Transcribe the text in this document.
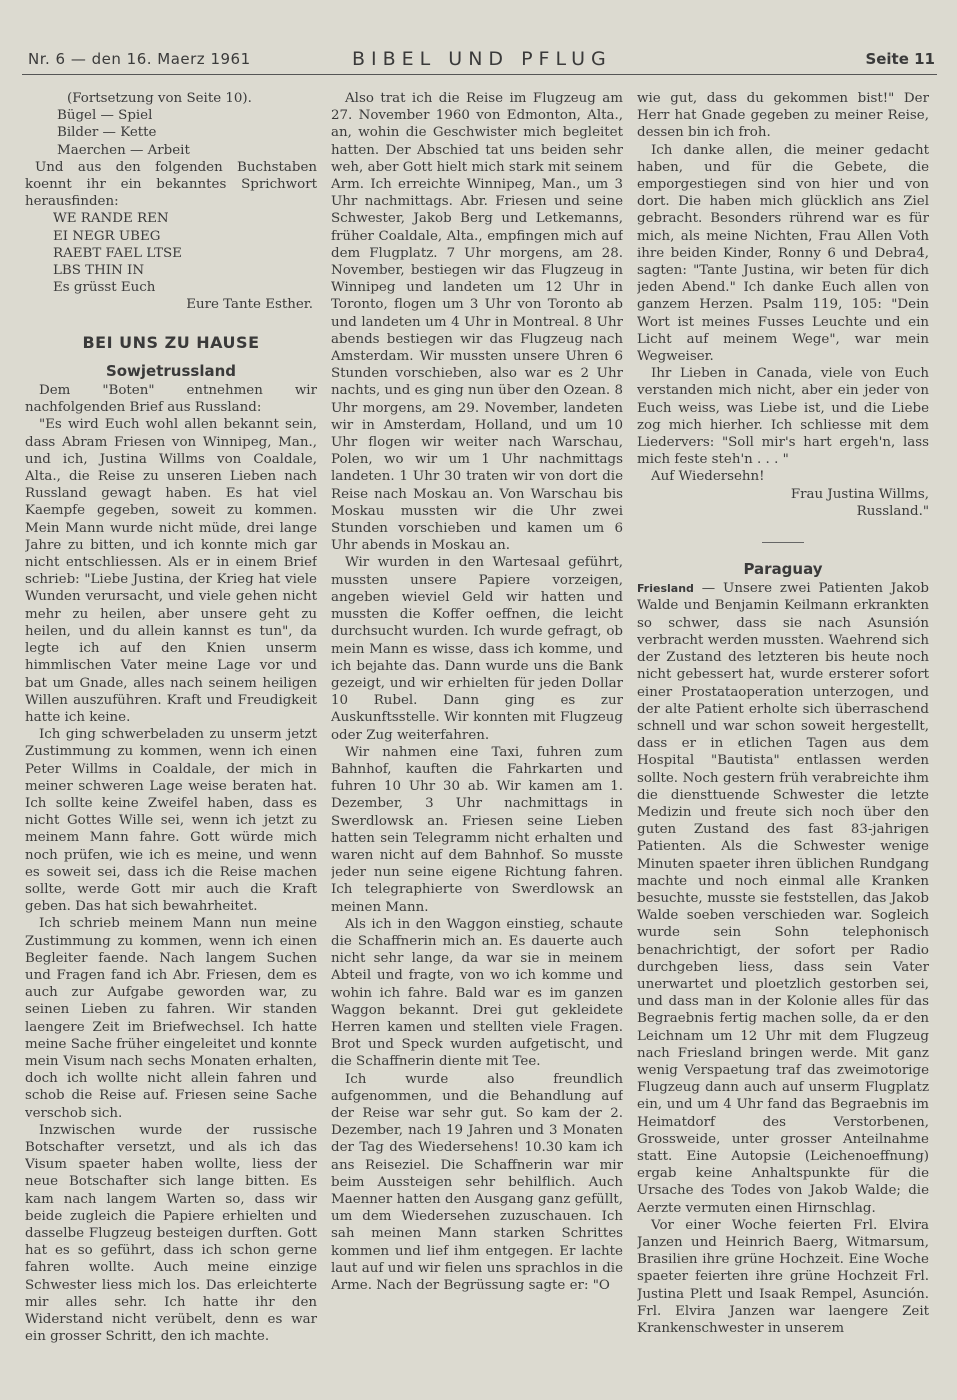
Nr. 6 — den 16. Maerz 1961	BIBEL UND PFLUG	Seite 11
(Fortsetzung von Seite 10).
Bügel — Spiel
Bilder — Kette
Maerchen — Arbeit

Und aus den folgenden Buchstaben koennt ihr ein bekanntes Sprichwort herausfinden:

WE RANDE REN
EI NEGR UBEG
RAEBT FAEL LTSE
LBS THIN IN
Es grüsst Euch
Eure Tante Esther.
BEI UNS ZU HAUSE
Sowjetrussland

Dem "Boten" entnehmen wir nachfolgenden Brief aus Russland:

"Es wird Euch wohl allen bekannt sein, dass Abram Friesen von Winnipeg, Man., und ich, Justina Willms von Coaldale, Alta., die Reise zu unseren Lieben nach Russland gewagt haben. Es hat viel Kaempfe gegeben, soweit zu kommen. Mein Mann wurde nicht müde, drei lange Jahre zu bitten, und ich konnte mich gar nicht entschliessen. Als er in einem Brief schrieb: "Liebe Justina, der Krieg hat viele Wunden verursacht, und viele gehen nicht mehr zu heilen, aber unsere geht zu heilen, und du allein kannst es tun", da legte ich auf den Knien unserm himmlischen Vater meine Lage vor und bat um Gnade, alles nach seinem heiligen Willen auszuführen. Kraft und Freudigkeit hatte ich keine.

Ich ging schwerbeladen zu unserm jetzt Zustimmung zu kommen, wenn ich einen Peter Willms in Coaldale, der mich in meiner schweren Lage weise beraten hat. Ich sollte keine Zweifel haben, dass es nicht Gottes Wille sei, wenn ich jetzt zu meinem Mann fahre. Gott würde mich noch prüfen, wie ich es meine, und wenn es soweit sei, dass ich die Reise machen sollte, werde Gott mir auch die Kraft geben. Das hat sich bewahrheitet.

Ich schrieb meinem Mann nun meine Zustimmung zu kommen, wenn ich einen Begleiter faende. Nach langem Suchen und Fragen fand ich Abr. Friesen, dem es auch zur Aufgabe geworden war, zu seinen Lieben zu fahren. Wir standen laengere Zeit im Briefwechsel. Ich hatte meine Sache früher eingeleitet und konnte mein Visum nach sechs Monaten erhalten, doch ich wollte nicht allein fahren und schob die Reise auf. Friesen seine Sache verschob sich.

Inzwischen wurde der russische Botschafter versetzt, und als ich das Visum spaeter haben wollte, liess der neue Botschafter sich lange bitten. Es kam nach langem Warten so, dass wir beide zugleich die Papiere erhielten und dasselbe Flugzeug besteigen durften. Gott hat es so geführt, dass ich schon gerne fahren wollte. Auch meine einzige Schwester liess mich los. Das erleichterte mir alles sehr. Ich hatte ihr den Widerstand nicht verübelt, denn es war ein grosser Schritt, den ich machte.

Also trat ich die Reise im Flugzeug am 27. November 1960 von Edmonton, Alta., an, wohin die Geschwister mich begleitet hatten. Der Abschied tat uns beiden sehr weh, aber Gott hielt mich stark mit seinem Arm. Ich erreichte Winnipeg, Man., um 3 Uhr nachmittags. Abr. Friesen und seine Schwester, Jakob Berg und Letkemanns, früher Coaldale, Alta., empfingen mich auf dem Flugplatz. 7 Uhr morgens, am 28. November, bestiegen wir das Flugzeug in Winnipeg und landeten um 12 Uhr in Toronto, flogen um 3 Uhr von Toronto ab und landeten um 4 Uhr in Montreal. 8 Uhr abends bestiegen wir das Flugzeug nach Amsterdam. Wir mussten unsere Uhren 6 Stunden vorschieben, also war es 2 Uhr nachts, und es ging nun über den Ozean. 8 Uhr morgens, am 29. November, landeten wir in Amsterdam, Holland, und um 10 Uhr flogen wir weiter nach Warschau, Polen, wo wir um 1 Uhr nachmittags landeten. 1 Uhr 30 traten wir von dort die Reise nach Moskau an. Von Warschau bis Moskau mussten wir die Uhr zwei Stunden vorschieben und kamen um 6 Uhr abends in Moskau an.

Wir wurden in den Wartesaal geführt, mussten unsere Papiere vorzeigen, angeben wieviel Geld wir hatten und mussten die Koffer oeffnen, die leicht durchsucht wurden. Ich wurde gefragt, ob mein Mann es wisse, dass ich komme, und ich bejahte das. Dann wurde uns die Bank gezeigt, und wir erhielten für jeden Dollar 10 Rubel. Dann ging es zur Auskunftsstelle. Wir konnten mit Flugzeug oder Zug weiterfahren.

Wir nahmen eine Taxi, fuhren zum Bahnhof, kauften die Fahrkarten und fuhren 10 Uhr 30 ab. Wir kamen am 1. Dezember, 3 Uhr nachmittags in Swerdlowsk an. Friesen seine Lieben hatten sein Telegramm nicht erhalten und waren nicht auf dem Bahnhof. So musste jeder nun seine eigene Richtung fahren. Ich telegraphierte von Swerdlowsk an meinen Mann.

Als ich in den Waggon einstieg, schaute die Schaffnerin mich an. Es dauerte auch nicht sehr lange, da war sie in meinem Abteil und fragte, von wo ich komme und wohin ich fahre. Bald war es im ganzen Waggon bekannt. Drei gut gekleidete Herren kamen und stellten viele Fragen. Brot und Speck wurden aufgetischt, und die Schaffnerin diente mit Tee.

Ich wurde also freundlich aufgenommen, und die Behandlung auf der Reise war sehr gut. So kam der 2. Dezember, nach 19 Jahren und 3 Monaten der Tag des Wiedersehens! 10.30 kam ich ans Reiseziel. Die Schaffnerin war mir beim Aussteigen sehr behilflich. Auch Maenner hatten den Ausgang ganz gefüllt, um dem Wiedersehen zuzuschauen. Ich sah meinen Mann starken Schrittes kommen und lief ihm entgegen. Er lachte laut auf und wir fielen uns sprachlos in die Arme. Nach der Begrüssung sagte er: "O

wie gut, dass du gekommen bist!" Der Herr hat Gnade gegeben zu meiner Reise, dessen bin ich froh.

Ich danke allen, die meiner gedacht haben, und für die Gebete, die emporgestiegen sind von hier und von dort. Die haben mich glücklich ans Ziel gebracht. Besonders rührend war es für mich, als meine Nichten, Frau Allen Voth ihre beiden Kinder, Ronny 6 und Debra4, sagten: "Tante Justina, wir beten für dich jeden Abend." Ich danke Euch allen von ganzem Herzen. Psalm 119, 105: "Dein Wort ist meines Fusses Leuchte und ein Licht auf meinem Wege", war mein Wegweiser.

Ihr Lieben in Canada, viele von Euch verstanden mich nicht, aber ein jeder von Euch weiss, was Liebe ist, und die Liebe zog mich hierher. Ich schliesse mit dem Liedervers: "Soll mir's hart ergeh'n, lass mich feste steh'n . . . "

Auf Wiedersehn!

Frau Justina Willms,
Russland."
Paraguay

Friesland — Unsere zwei Patienten Jakob Walde und Benjamin Keilmann erkrankten so schwer, dass sie nach Asunsión verbracht werden mussten. Waehrend sich der Zustand des letzteren bis heute noch nicht gebessert hat, wurde ersterer sofort einer Prostataoperation unterzogen, und der alte Patient erholte sich überraschend schnell und war schon soweit hergestellt, dass er in etlichen Tagen aus dem Hospital "Bautista" entlassen werden sollte. Noch gestern früh verabreichte ihm die diensttuende Schwester die letzte Medizin und freute sich noch über den guten Zustand des fast 83-jahrigen Patienten. Als die Schwester wenige Minuten spaeter ihren üblichen Rundgang machte und noch einmal alle Kranken besuchte, musste sie feststellen, das Jakob Walde soeben verschieden war. Sogleich wurde sein Sohn telephonisch benachrichtigt, der sofort per Radio durchgeben liess, dass sein Vater unerwartet und ploetzlich gestorben sei, und dass man in der Kolonie alles für das Begraebnis fertig machen solle, da er den Leichnam um 12 Uhr mit dem Flugzeug nach Friesland bringen werde. Mit ganz wenig Verspaetung traf das zweimotorige Flugzeug dann auch auf unserm Flugplatz ein, und um 4 Uhr fand das Begraebnis im Heimatdorf des Verstorbenen, Grossweide, unter grosser Anteilnahme statt. Eine Autopsie (Leichenoeffnung) ergab keine Anhaltspunkte für die Ursache des Todes von Jakob Walde; die Aerzte vermuten einen Hirnschlag.

Vor einer Woche feierten Frl. Elvira Janzen und Heinrich Baerg, Witmarsum, Brasilien ihre grüne Hochzeit. Eine Woche spaeter feierten ihre grüne Hochzeit Frl. Justina Plett und Isaak Rempel, Asunción. Frl. Elvira Janzen war laengere Zeit Krankenschwester in unserem
